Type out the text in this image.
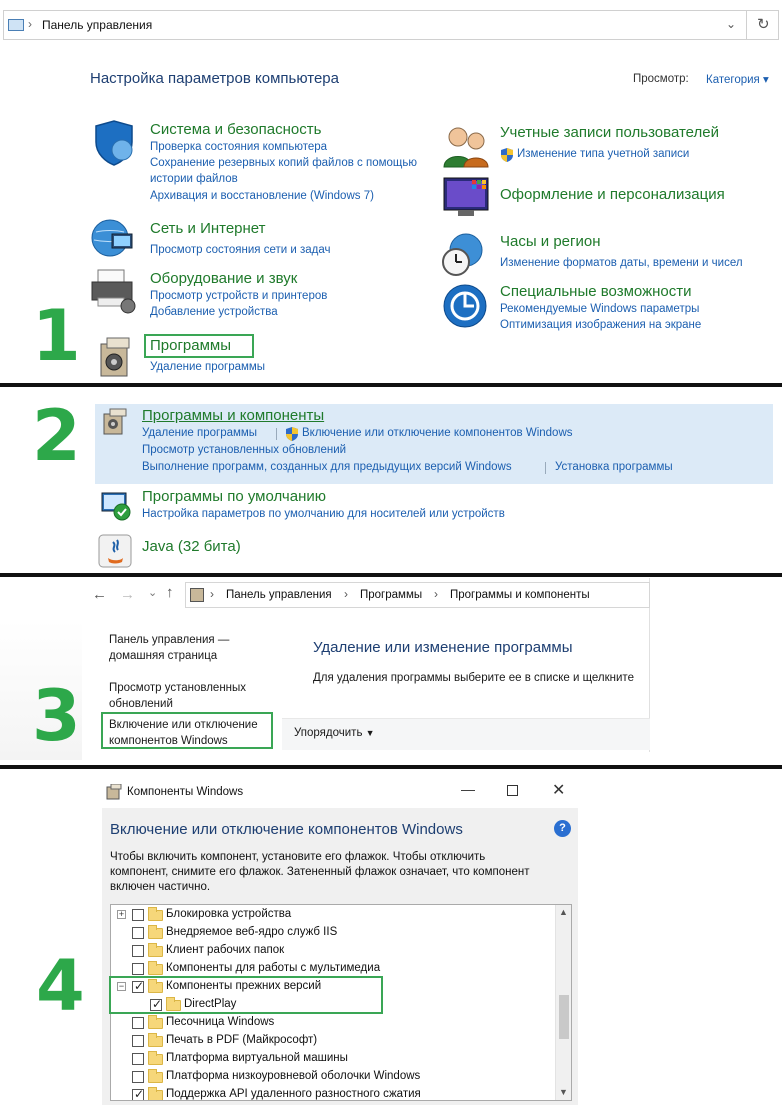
› Панель управления	⌄ ↻
Настройка параметров компьютера	Просмотр: Категория ▾
Система и безопасность
Проверка состояния компьютера
Сохранение резервных копий файлов с помощью
истории файлов
Архивация и восстановление (Windows 7)
Сеть и Интернет
Просмотр состояния сети и задач
Оборудование и звук
Просмотр устройств и принтеров
Добавление устройства
1	Программы
Удаление программы
Учетные записи пользователей
Изменение типа учетной записи
Оформление и персонализация
Часы и регион
Изменение форматов даты, времени и чисел
Специальные возможности
Рекомендуемые Windows параметры
Оптимизация изображения на экране
2	Программы и компоненты
Удаление программы	Включение или отключение компонентов Windows
Просмотр установленных обновлений
Выполнение программ, созданных для предыдущих версий Windows	Установка программы
Программы по умолчанию
Настройка параметров по умолчанию для носителей или устройств
Java (32 бита)
← → ⌄ ↑	› Панель управления › Программы › Программы и компоненты
Панель управления —
домашняя страница
Просмотр установленных
обновлений
Включение или отключение
компонентов Windows
3
Удаление или изменение программы
Для удаления программы выберите ее в списке и щелкните
Упорядочить ▼
4
Компоненты Windows	—	✕
Включение или отключение компонентов Windows	?
Чтобы включить компонент, установите его флажок. Чтобы отключить
компонент, снимите его флажок. Затененный флажок означает, что компонент
включен частично.
+	Блокировка устройства
Внедряемое веб-ядро служб IIS
Клиент рабочих папок
Компоненты для работы с мультимедиа
−
✓	Компоненты прежних версий
✓
DirectPlay
Песочница Windows
Печать в PDF (Майкрософт)
Платформа виртуальной машины
Платформа низкоуровневой оболочки Windows
✓
Поддержка API удаленного разностного сжатия
▲
▼
